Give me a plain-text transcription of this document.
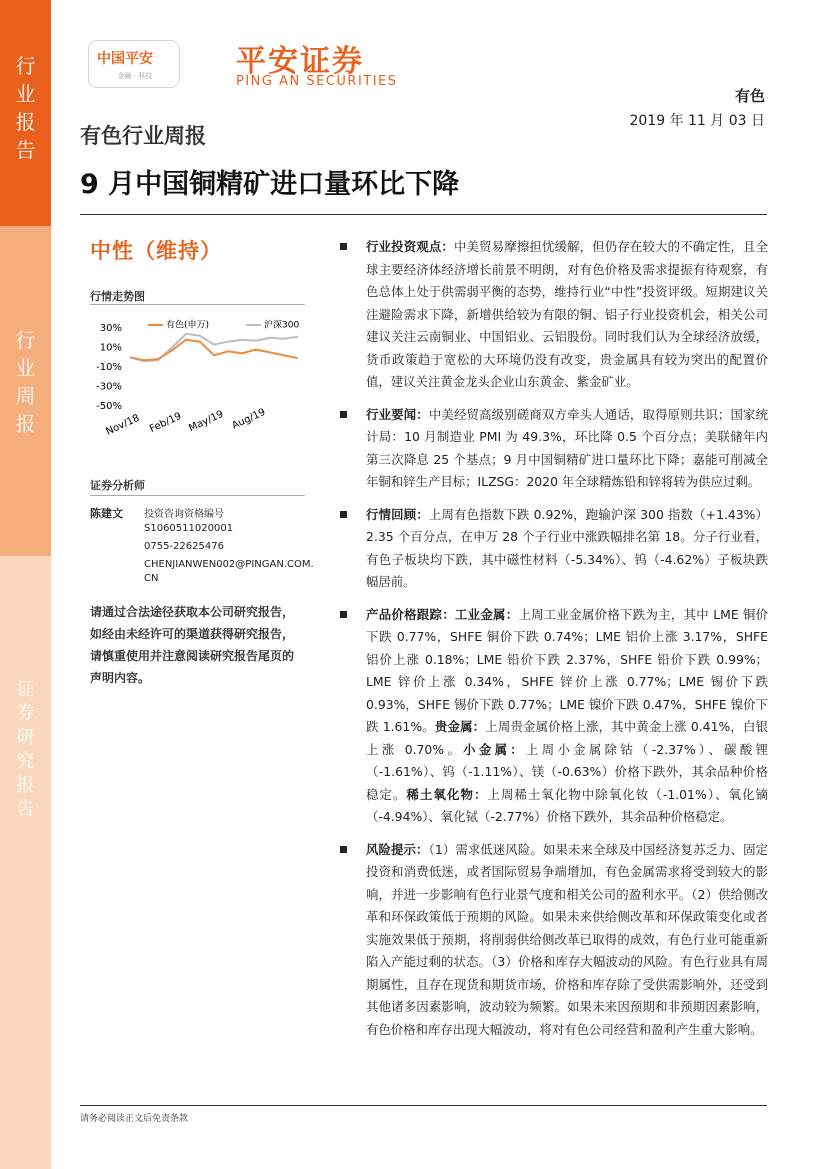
行
业
报
告
行
业
周
报
证
券
研
究
报
告
中国平安
金融 · 科技	平安证券
PING AN SECURITIES
有色
2019 年 11 月 03 日
有色行业周报
9 月中国铜精矿进口量环比下降
中性（维持）
行情走势图
有色(申万)	沪深300
30%
10%
-10%
-30%
-50%
Nov/18 Feb/19 May/19 Aug/19
证券分析师
陈建文 投资咨询资格编号
S1060511020001
0755-22625476
CHENJIANWEN002@PINGAN.COM.
CN
请通过合法途径获取本公司研究报告，如经由未经许可的渠道获得研究报告，请慎重使用并注意阅读研究报告尾页的声明内容。
行业投资观点：中美贸易摩擦担忧缓解，但仍存在较大的不确定性，且全球主要经济体经济增长前景不明朗，对有色价格及需求提振有待观察，有色总体上处于供需弱平衡的态势，维持行业“中性”投资评级。短期建议关注避险需求下降，新增供给较为有限的铜、铝子行业投资机会，相关公司建议关注云南铜业、中国铝业、云铝股份。同时我们认为全球经济放缓，货币政策趋于宽松的大环境仍没有改变，贵金属具有较为突出的配置价值，建议关注黄金龙头企业山东黄金、紫金矿业。
行业要闻：中美经贸高级别磋商双方牵头人通话，取得原则共识；国家统计局：10 月制造业 PMI 为 49.3%，环比降 0.5 个百分点；美联储年内第三次降息 25 个基点；9 月中国铜精矿进口量环比下降；嘉能可削减全年铜和锌生产目标；ILZSG：2020 年全球精炼铅和锌将转为供应过剩。
行情回顾：上周有色指数下跌 0.92%，跑输沪深 300 指数（+1.43%）2.35 个百分点，在申万 28 个子行业中涨跌幅排名第 18。分子行业看，有色子板块均下跌，其中磁性材料（-5.34%）、钨（-4.62%）子板块跌幅居前。
产品价格跟踪：工业金属：上周工业金属价格下跌为主，其中 LME 铜价下跌 0.77%，SHFE 铜价下跌 0.74%；LME 铝价上涨 3.17%，SHFE 铝价上涨 0.18%；LME 铅价下跌 2.37%，SHFE 铅价下跌 0.99%；LME 锌价上涨 0.34%，SHFE 锌价上涨 0.77%；LME 锡价下跌 0.93%，SHFE 锡价下跌 0.77%；LME 镍价下跌 0.47%，SHFE 镍价下跌 1.61%。贵金属：上周贵金属价格上涨，其中黄金上涨 0.41%，白银上涨 0.70%。小金属：上周小金属除钴（-2.37%）、碳酸锂（-1.61%）、钨（-1.11%）、镁（-0.63%）价格下跌外，其余品种价格稳定。稀土氧化物：上周稀土氧化物中除氧化钕（-1.01%）、氧化镝（-4.94%）、氧化铽（-2.77%）价格下跌外，其余品种价格稳定。
风险提示：（1）需求低迷风险。如果未来全球及中国经济复苏乏力、固定投资和消费低迷，或者国际贸易争端增加，有色金属需求将受到较大的影响，并进一步影响有色行业景气度和相关公司的盈利水平。（2）供给侧改革和环保政策低于预期的风险。如果未来供给侧改革和环保政策变化或者实施效果低于预期，将削弱供给侧改革已取得的成效，有色行业可能重新陷入产能过剩的状态。（3）价格和库存大幅波动的风险。有色行业具有周期属性，且存在现货和期货市场，价格和库存除了受供需影响外，还受到其他诸多因素影响，波动较为频繁。如果未来因预期和非预期因素影响，有色价格和库存出现大幅波动，将对有色公司经营和盈利产生重大影响。
请务必阅读正文后免责条款
